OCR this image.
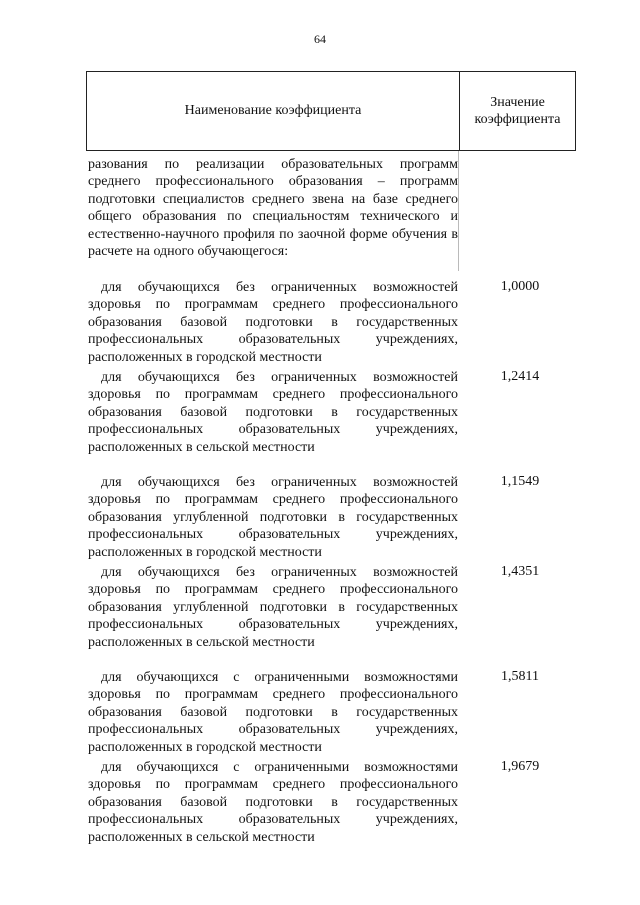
64
Наименование коэффициента
Значение
коэффициента
разования по реализации образовательных программ среднего профессионального образования – программ подготовки специалистов среднего звена на базе среднего общего образования по специальностям технического и естественно-научного профиля по заочной форме обучения в расчете на одного обучающегося:
для обучающихся без ограниченных возможностей здоровья по программам среднего профессионального образования базовой подготовки в государственных профессиональных образовательных учреждениях, расположенных в городской местности
1,0000
для обучающихся без ограниченных возможностей здоровья по программам среднего профессионального образования базовой подготовки в государственных профессиональных образовательных учреждениях, расположенных в сельской местности
1,2414
для обучающихся без ограниченных возможностей здоровья по программам среднего профессионального образования углубленной подготовки в государственных профессиональных образовательных учреждениях, расположенных в городской местности
1,1549
для обучающихся без ограниченных возможностей здоровья по программам среднего профессионального образования углубленной подготовки в государственных профессиональных образовательных учреждениях, расположенных в сельской местности
1,4351
для обучающихся с ограниченными возможностями здоровья по программам среднего профессионального образования базовой подготовки в государственных профессиональных образовательных учреждениях, расположенных в городской местности
1,5811
для обучающихся с ограниченными возможностями здоровья по программам среднего профессионального образования базовой подготовки в государственных профессиональных образовательных учреждениях, расположенных в сельской местности
1,9679
